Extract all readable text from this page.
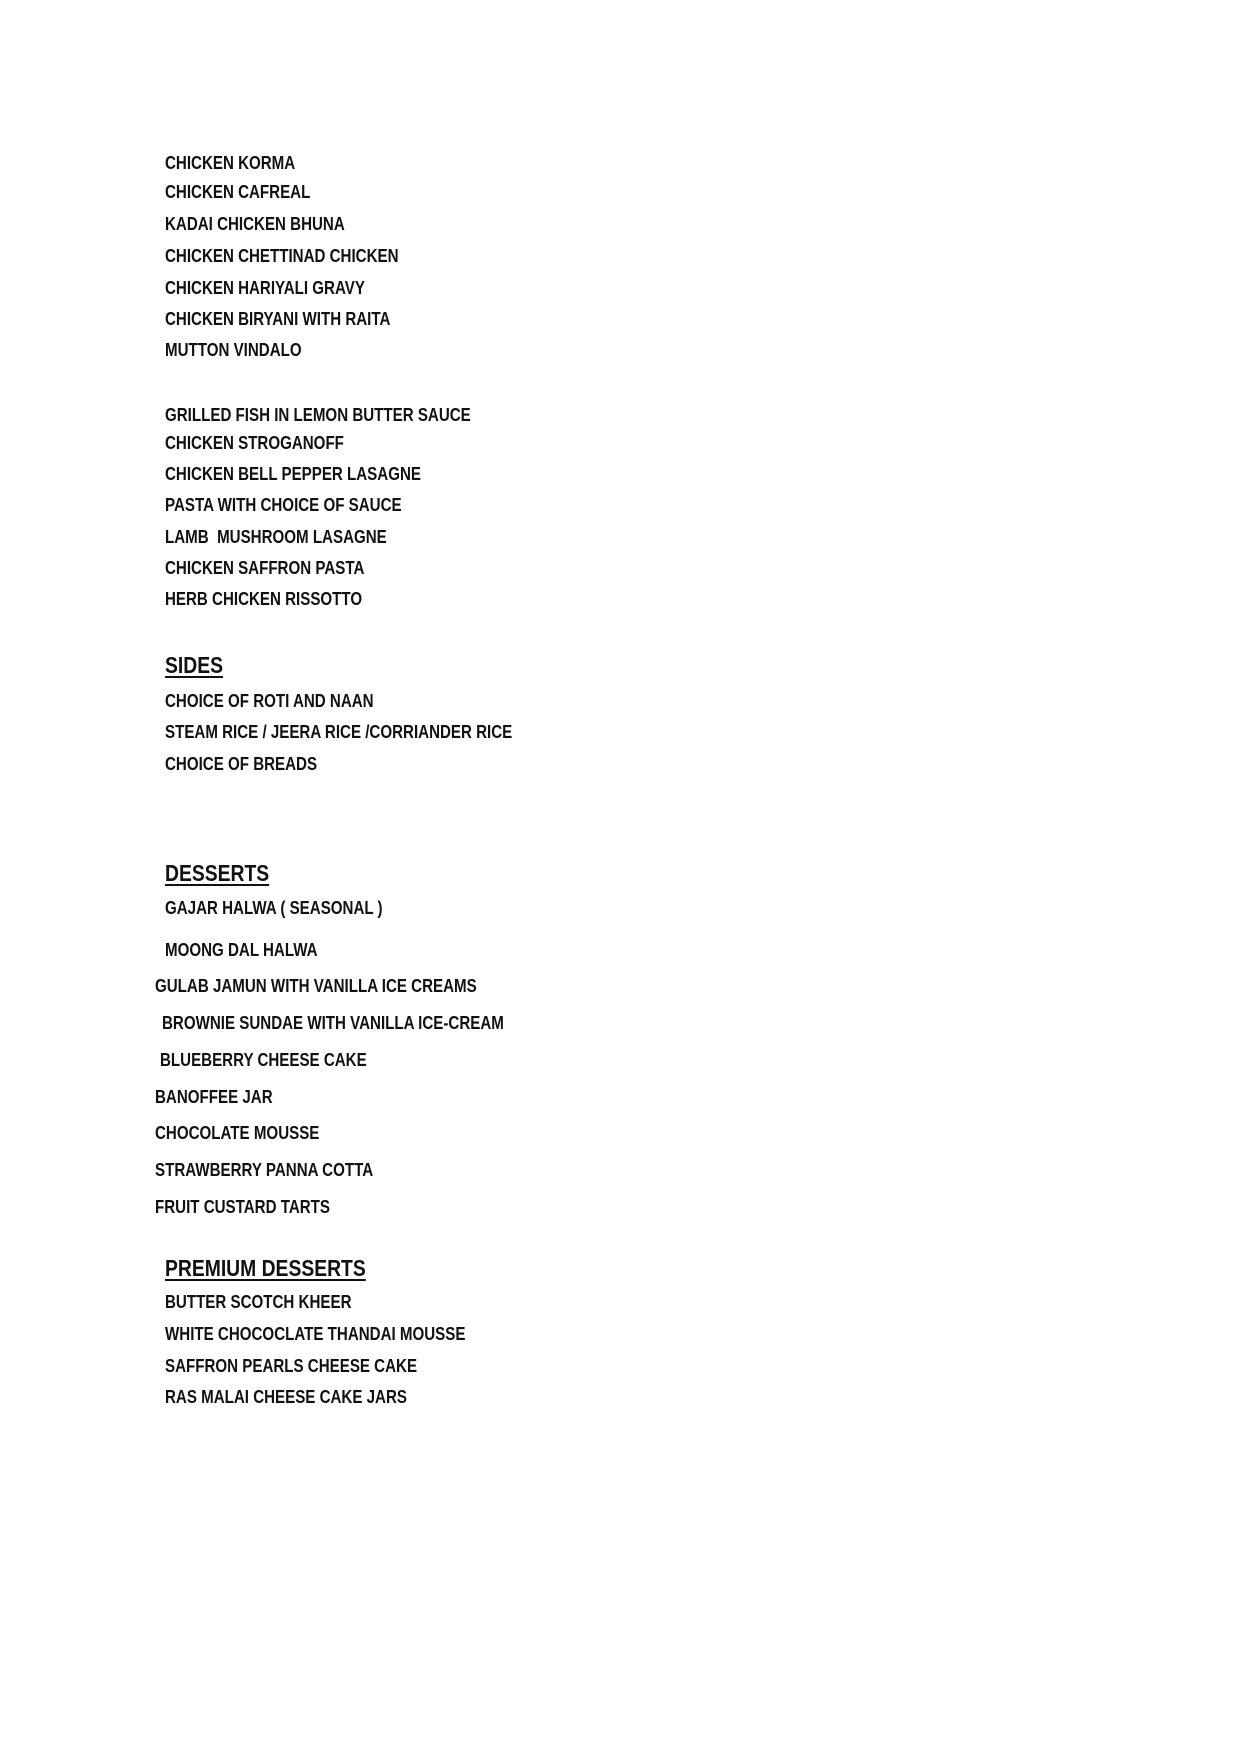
CHICKEN KORMA
CHICKEN CAFREAL
KADAI CHICKEN BHUNA
CHICKEN CHETTINAD CHICKEN
CHICKEN HARIYALI GRAVY
CHICKEN BIRYANI WITH RAITA
MUTTON VINDALO
GRILLED FISH IN LEMON BUTTER SAUCE
CHICKEN STROGANOFF
CHICKEN BELL PEPPER LASAGNE
PASTA WITH CHOICE OF SAUCE
LAMB  MUSHROOM LASAGNE
CHICKEN SAFFRON PASTA
HERB CHICKEN RISSOTTO
SIDES
CHOICE OF ROTI AND NAAN
STEAM RICE / JEERA RICE /CORRIANDER RICE
CHOICE OF BREADS
DESSERTS
GAJAR HALWA ( SEASONAL )
MOONG DAL HALWA
GULAB JAMUN WITH VANILLA ICE CREAMS
BROWNIE SUNDAE WITH VANILLA ICE-CREAM
BLUEBERRY CHEESE CAKE
BANOFFEE JAR
CHOCOLATE MOUSSE
STRAWBERRY PANNA COTTA
FRUIT CUSTARD TARTS
PREMIUM DESSERTS
BUTTER SCOTCH KHEER
WHITE CHOCOCLATE THANDAI MOUSSE
SAFFRON PEARLS CHEESE CAKE
RAS MALAI CHEESE CAKE JARS
